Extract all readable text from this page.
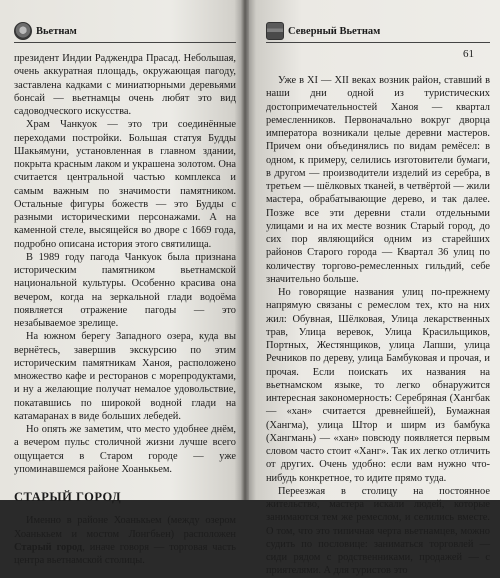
Вьетнам

президент Индии Раджендра Прасад. Небольшая, очень аккуратная площадь, окружающая пагоду, заставлена кадками с миниатюрными деревьями бонсай — вьетнамцы очень любят это вид садоводческого искусства.

Храм Чанкуок — это три соединённые переходами постройки. Большая статуя Будды Шакьямуни, установленная в главном здании, покрыта красным лаком и украшена золотом. Она считается центральной частью комплекса и самым важным по значимости памятником. Остальные фигуры божеств — это Будды с разными историческими персонажами. А на каменной стеле, высящейся во дворе с 1669 года, подробно описана история этого святилища.

В 1989 году пагода Чанкуок была признана историческим памятником вьетнамской национальной культуры. Особенно красива она вечером, когда на зеркальной глади водоёма появляется отражение пагоды — это незабываемое зрелище.

На южном берегу Западного озера, куда вы вернётесь, завершив экскурсию по этим историческим памятникам Ханоя, расположено множество кафе и ресторанов с морепродуктами, и ну а желающие получат немалое удовольствие, покатавшись по широкой водной глади на катамаранах в виде больших лебедей.

Но опять же заметим, что место удобнее днём, а вечером пульс столичной жизни лучше всего ощущается в Старом городе — уже упоминавшемся районе Хоанькьем.

СТАРЫЙ ГОРОД

Именно в районе Хоанькьем (между озером Хоанькьем и мостом Лонгбьен) расположен Старый город, иначе говоря — торговая часть центра вьетнамской столицы.

Северный Вьетнам
61

Уже в XI — XII веках возник район, ставший в наши дни одной из туристических достопримечательностей Ханоя — квартал ремесленников. Первоначально вокруг дворца императора возникали целые деревни мастеров. Причем они объединялись по видам ремёсел: в одном, к примеру, селились изготовители бумаги, в другом — производители изделий из серебра, в третьем — шёлковых тканей, в четвёртой — жили мастера, обрабатывающие дерево, и так далее. Позже все эти деревни стали отдельными улицами и на их месте возник Старый город, до сих пор являющийся одним из старейших районов Старого города — Квартал 36 улиц по количеству торгово-ремесленных гильдий, себе значительно больше.

Но говорящие названия улиц по-прежнему напрямую связаны с ремеслом тех, кто на них жил: Обувная, Шёлковая, Улица лекарственных трав, Улица веревок, Улица Красильщиков, Портных, Жестянщиков, улица Лапши, улица Речников по дереву, улица Бамбуковая и прочая, и прочая. Если поискать их названия на вьетнамском языке, то легко обнаружится интересная закономерность: Серебряная (Хангбак — «хан» считается древнейшей), Бумажная (Хангма), улица Штор и ширм из бамбука (Хангмань) — «хан» повсюду появляется первым словом часто стоит «Ханг». Так их легко отличить от других. Очень удобно: если вам нужно что-нибудь конкретное, то идите прямо туда.

Переезжая в столицу на постоянное жительство, мастера искали людей, которые занимаются тем же ремеслом, и селились вместе. О том, что это типичная черта вьетнамцев, можно судить по пословице: заниматься торговлей — сиди рядом с родственниками, продажей — с приятелями. А для туристов это
